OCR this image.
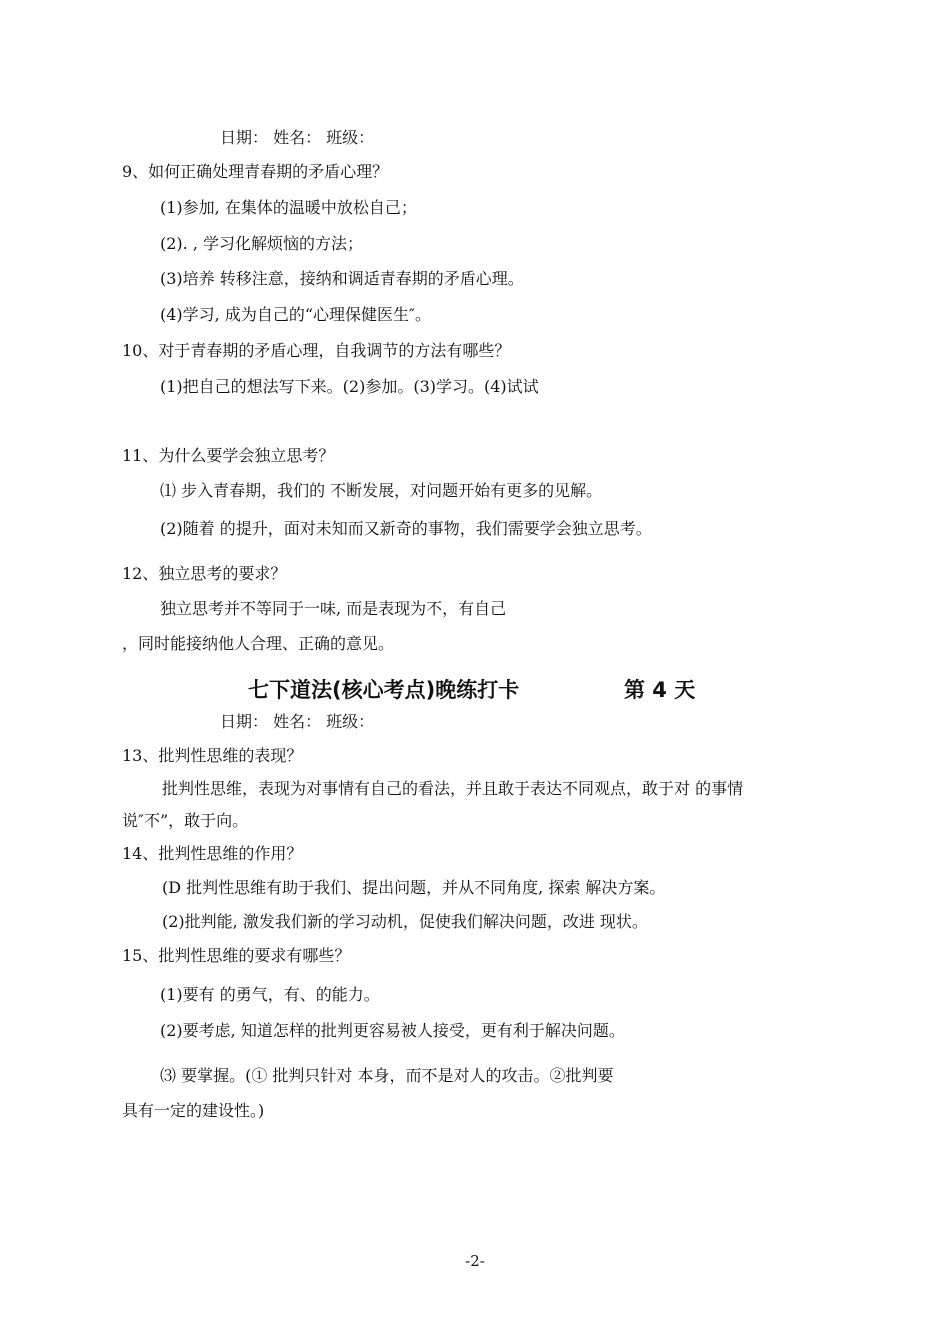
日期： 姓名： 班级：
9、如何正确处理青春期的矛盾心理？
(1)参加, 在集体的温暖中放松自己；
(2). , 学习化解烦恼的方法；
(3)培养 转移注意，接纳和调适青春期的矛盾心理。
(4)学习, 成为自己的“心理保健医生″。
10、对于青春期的矛盾心理，自我调节的方法有哪些？
(1)把自己的想法写下来。(2)参加。(3)学习。(4)试试
11、为什么要学会独立思考？
⑴ 步入青春期，我们的 不断发展，对问题开始有更多的见解。
(2)随着 的提升，面对未知而又新奇的事物，我们需要学会独立思考。
12、独立思考的要求？
独立思考并不等同于一味, 而是表现为不，有自己
，同时能接纳他人合理、正确的意见。
七下道法(核心考点)晚练打卡	第 4 天
日期： 姓名： 班级：
13、批判性思维的表现？
批判性思维，表现为对事情有自己的看法，并且敢于表达不同观点，敢于对 的事情
说″不”，敢于向。
14、批判性思维的作用？
(D 批判性思维有助于我们、提出问题，并从不同角度, 探索 解决方案。
(2)批判能, 激发我们新的学习动机，促使我们解决问题，改进 现状。
15、批判性思维的要求有哪些？
(1)要有 的勇气，有、的能力。
(2)要考虑, 知道怎样的批判更容易被人接受，更有利于解决问题。
⑶ 要掌握。(① 批判只针对 本身，而不是对人的攻击。②批判要
具有一定的建设性。)
-2-
